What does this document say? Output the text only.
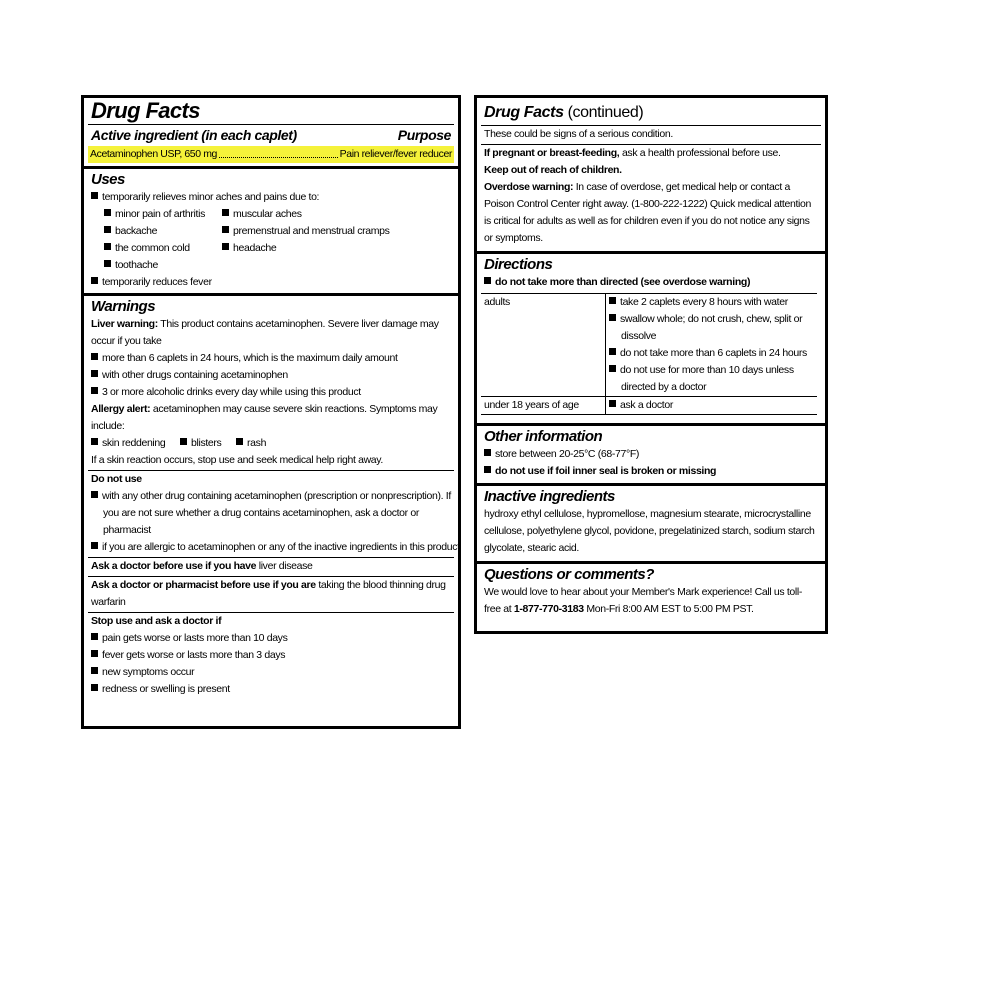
Drug Facts
Active ingredient (in each caplet)	Purpose
Acetaminophen USP, 650 mg	Pain reliever/fever reducer
Uses
temporarily relieves minor aches and pains due to:
minor pain of arthritis	muscular aches
backache	premenstrual and menstrual cramps
the common cold	headache
toothache
temporarily reduces fever
Warnings
Liver warning: This product contains acetaminophen. Severe liver damage may occur if you take
more than 6 caplets in 24 hours, which is the maximum daily amount
with other drugs containing acetaminophen
3 or more alcoholic drinks every day while using this product
Allergy alert: acetaminophen may cause severe skin reactions. Symptoms may include:
skin reddening blisters rash
If a skin reaction occurs, stop use and seek medical help right away.
Do not use
with any other drug containing acetaminophen (prescription or nonprescription). If you are not sure whether a drug contains acetaminophen, ask a doctor or pharmacist
if you are allergic to acetaminophen or any of the inactive ingredients in this product
Ask a doctor before use if you have liver disease
Ask a doctor or pharmacist before use if you are taking the blood thinning drug warfarin
Stop use and ask a doctor if
pain gets worse or lasts more than 10 days
fever gets worse or lasts more than 3 days
new symptoms occur
redness or swelling is present
Drug Facts (continued)
These could be signs of a serious condition.
If pregnant or breast-feeding, ask a health professional before use.
Keep out of reach of children.
Overdose warning: In case of overdose, get medical help or contact a Poison Control Center right away. (1-800-222-1222) Quick medical attention is critical for adults as well as for children even if you do not notice any signs or symptoms.
Directions
do not take more than directed (see overdose warning)
adults	take 2 caplets every 8 hours with water
swallow whole; do not crush, chew, split or dissolve
do not take more than 6 caplets in 24 hours
do not use for more than 10 days unless directed by a doctor

under 18 years of age	ask a doctor
Other information
store between 20-25°C (68-77°F)
do not use if foil inner seal is broken or missing
Inactive ingredients
hydroxy ethyl cellulose, hypromellose, magnesium stearate, microcrystalline cellulose, polyethylene glycol, povidone, pregelatinized starch, sodium starch glycolate, stearic acid.
Questions or comments?
We would love to hear about your Member's Mark experience! Call us toll-free at 1-877-770-3183 Mon-Fri 8:00 AM EST to 5:00 PM PST.
